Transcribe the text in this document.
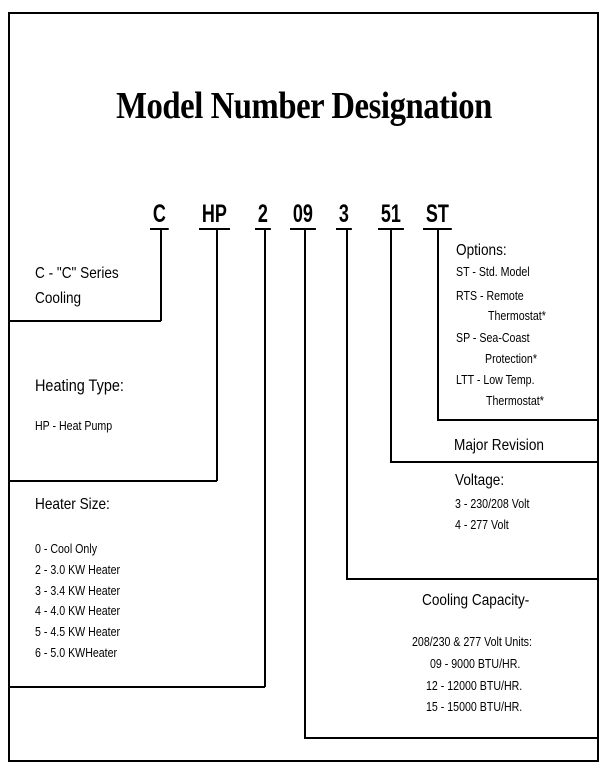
Model Number Designation
C HP 2 09 3 51 ST
C - "C" Series
Cooling
Heating Type:
HP - Heat Pump
Heater Size:
0 - Cool Only
2 - 3.0 KW Heater
3 - 3.4 KW Heater
4 - 4.0 KW Heater
5 - 4.5 KW Heater
6 - 5.0 KWHeater
Options:
ST - Std. Model
RTS - Remote
Thermostat*
SP - Sea-Coast
Protection*
LTT - Low Temp.
Thermostat*
Major Revision
Voltage:
3 - 230/208 Volt
4 - 277 Volt
Cooling Capacity-
208/230 & 277 Volt Units:
09 - 9000 BTU/HR.
12 - 12000 BTU/HR.
15 - 15000 BTU/HR.
